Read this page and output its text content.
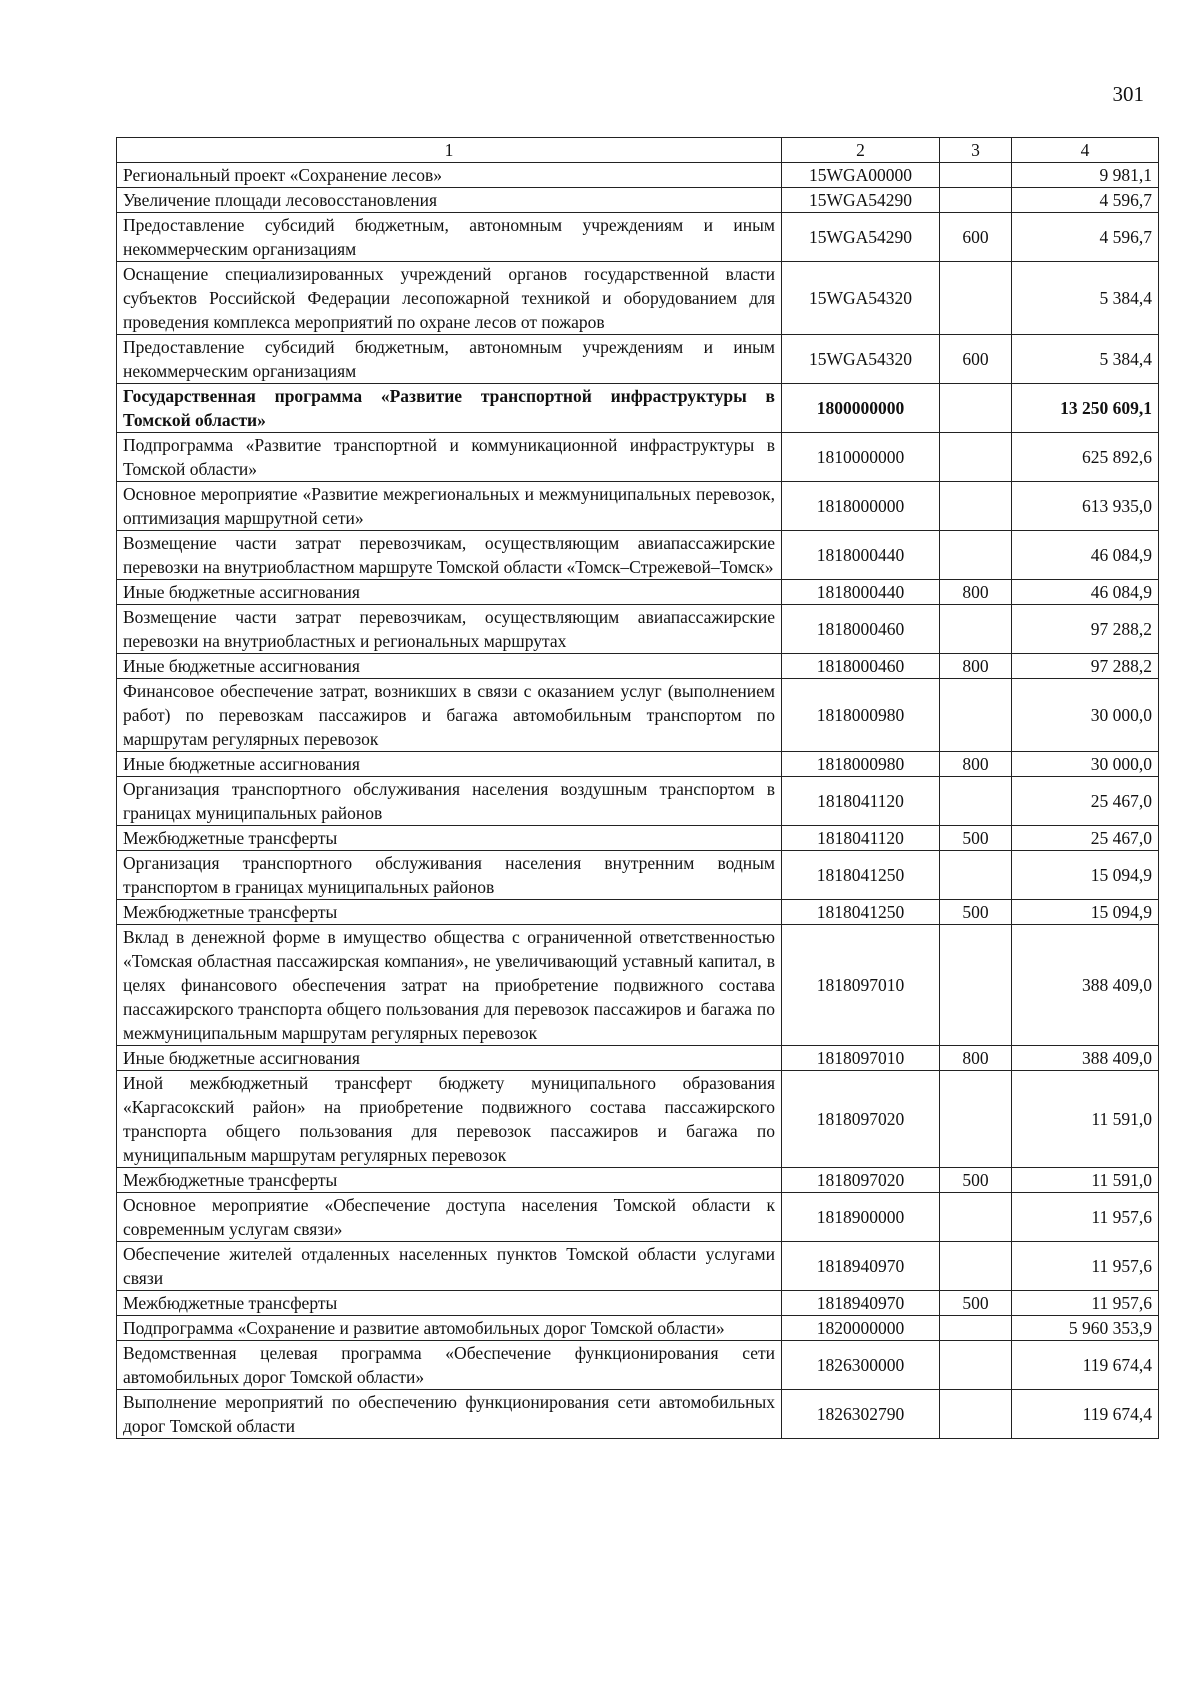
301
1	2	3	4
Региональный проект «Сохранение лесов»	15WGA00000		9 981,1
Увеличение площади лесовосстановления	15WGA54290		4 596,7
Предоставление субсидий бюджетным, автономным учреждениям и иным некоммерческим организациям	15WGA54290	600	4 596,7
Оснащение специализированных учреждений органов государственной власти субъектов Российской Федерации лесопожарной техникой и оборудованием для проведения комплекса мероприятий по охране лесов от пожаров	15WGA54320		5 384,4
Предоставление субсидий бюджетным, автономным учреждениям и иным некоммерческим организациям	15WGA54320	600	5 384,4
Государственная программа «Развитие транспортной инфраструктуры в Томской области»	1800000000		13 250 609,1
Подпрограмма «Развитие транспортной и коммуникационной инфраструктуры в Томской области»	1810000000		625 892,6
Основное мероприятие «Развитие межрегиональных и межмуниципальных перевозок, оптимизация маршрутной сети»	1818000000		613 935,0
Возмещение части затрат перевозчикам, осуществляющим авиапассажирские перевозки на внутриобластном маршруте Томской области «Томск–Стрежевой–Томск»	1818000440		46 084,9
Иные бюджетные ассигнования	1818000440	800	46 084,9
Возмещение части затрат перевозчикам, осуществляющим авиапассажирские перевозки на внутриобластных и региональных маршрутах	1818000460		97 288,2
Иные бюджетные ассигнования	1818000460	800	97 288,2
Финансовое обеспечение затрат, возникших в связи с оказанием услуг (выполнением работ) по перевозкам пассажиров и багажа автомобильным транспортом по маршрутам регулярных перевозок	1818000980		30 000,0
Иные бюджетные ассигнования	1818000980	800	30 000,0
Организация транспортного обслуживания населения воздушным транспортом в границах муниципальных районов	1818041120		25 467,0
Межбюджетные трансферты	1818041120	500	25 467,0
Организация транспортного обслуживания населения внутренним водным транспортом в границах муниципальных районов	1818041250		15 094,9
Межбюджетные трансферты	1818041250	500	15 094,9
Вклад в денежной форме в имущество общества с ограниченной ответственностью «Томская областная пассажирская компания», не увеличивающий уставный капитал, в целях финансового обеспечения затрат на приобретение подвижного состава пассажирского транспорта общего пользования для перевозок пассажиров и багажа по межмуниципальным маршрутам регулярных перевозок	1818097010		388 409,0
Иные бюджетные ассигнования	1818097010	800	388 409,0
Иной межбюджетный трансферт бюджету муниципального образования «Каргасокский район» на приобретение подвижного состава пассажирского транспорта общего пользования для перевозок пассажиров и багажа по муниципальным маршрутам регулярных перевозок	1818097020		11 591,0
Межбюджетные трансферты	1818097020	500	11 591,0
Основное мероприятие «Обеспечение доступа населения Томской области к современным услугам связи»	1818900000		11 957,6
Обеспечение жителей отдаленных населенных пунктов Томской области услугами связи	1818940970		11 957,6
Межбюджетные трансферты	1818940970	500	11 957,6
Подпрограмма «Сохранение и развитие автомобильных дорог Томской области»	1820000000		5 960 353,9
Ведомственная целевая программа «Обеспечение функционирования сети автомобильных дорог Томской области»	1826300000		119 674,4
Выполнение мероприятий по обеспечению функционирования сети автомобильных дорог Томской области	1826302790		119 674,4
